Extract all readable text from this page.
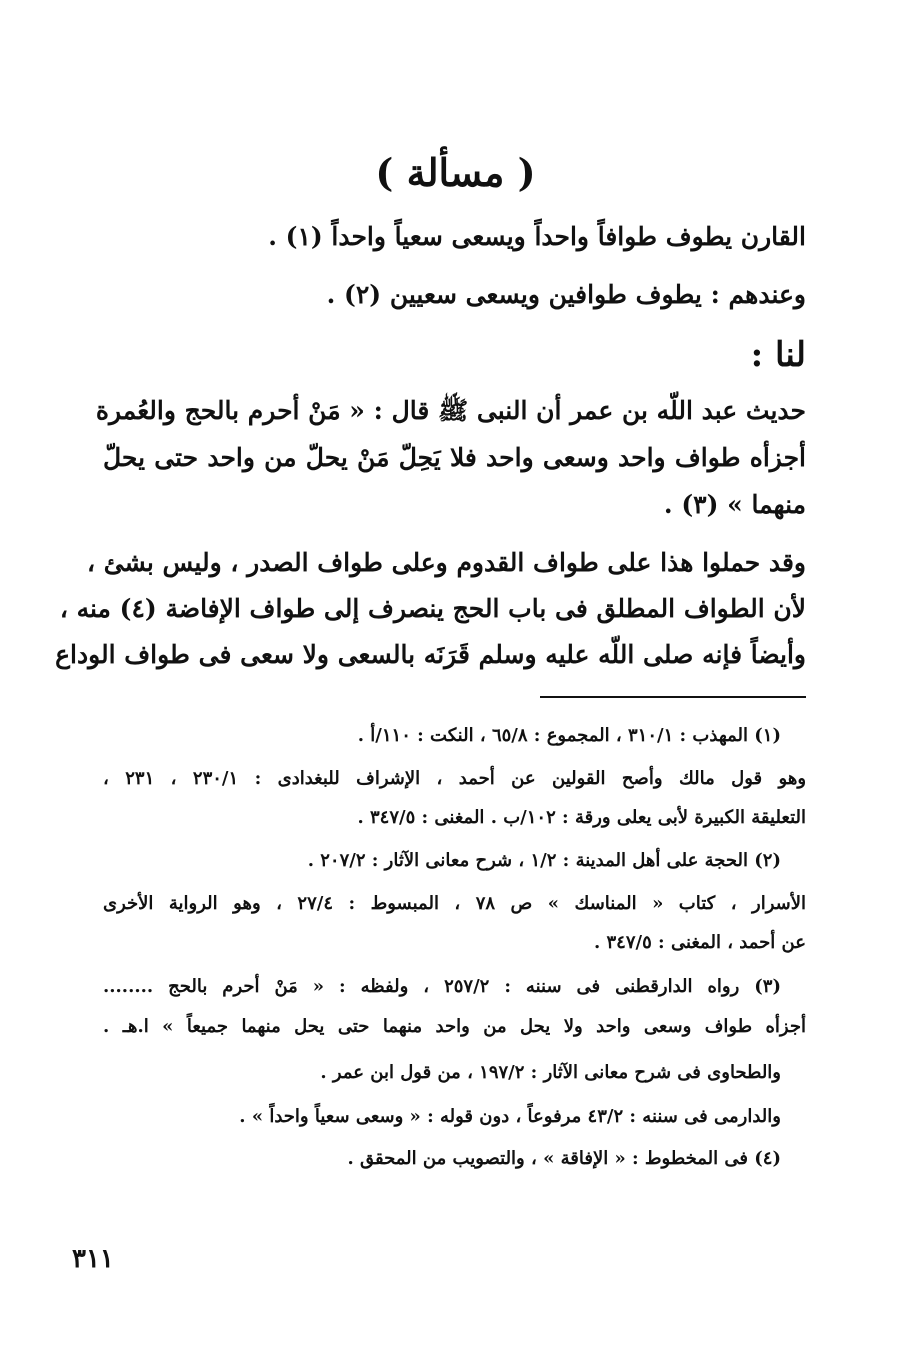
( مسألة )
القارن يطوف طوافاً واحداً ويسعى سعياً واحداً (١) .
وعندهم : يطوف طوافين ويسعى سعيين (٢) .
لنا :
حديث عبد اللّه بن عمر أن النبى ﷺ قال : « مَنْ أحرم بالحج والعُمرة
أجزأه طواف واحد وسعى واحد فلا يَحِلّ مَنْ يحلّ من واحد حتى يحلّ
منهما » (٣) .
وقد حملوا هذا على طواف القدوم وعلى طواف الصدر ، وليس بشئ ،
لأن الطواف المطلق فى باب الحج ينصرف إلى طواف الإفاضة (٤) منه ،
وأيضاً فإنه صلى اللّه عليه وسلم قَرَنَه بالسعى ولا سعى فى طواف الوداع
(١) المهذب : ٣١٠/١ ، المجموع : ٦٥/٨ ، النكت : ١١٠/أ .
وهو قول مالك وأصح القولين عن أحمد ، الإشراف للبغدادى : ٢٣٠/١ ، ٢٣١ ،
التعليقة الكبيرة لأبى يعلى ورقة : ١٠٢/ب . المغنى : ٣٤٧/٥ .
(٢) الحجة على أهل المدينة : ١/٢ ، شرح معانى الآثار : ٢٠٧/٢ .
الأسرار ، كتاب « المناسك » ص ٧٨ ، المبسوط : ٢٧/٤ ، وهو الرواية الأخرى
عن أحمد ، المغنى : ٣٤٧/٥ .
(٣) رواه الدارقطنى فى سننه : ٢٥٧/٢ ، ولفظه : « مَنْ أحرم بالحج ........
أجزأه طواف وسعى واحد ولا يحل من واحد منهما حتى يحل منهما جميعاً » ا.هـ .
والطحاوى فى شرح معانى الآثار : ١٩٧/٢ ، من قول ابن عمر .
والدارمى فى سننه : ٤٣/٢ مرفوعاً ، دون قوله : « وسعى سعياً واحداً » .
(٤) فى المخطوط : « الإفاقة » ، والتصويب من المحقق .
٣١١
